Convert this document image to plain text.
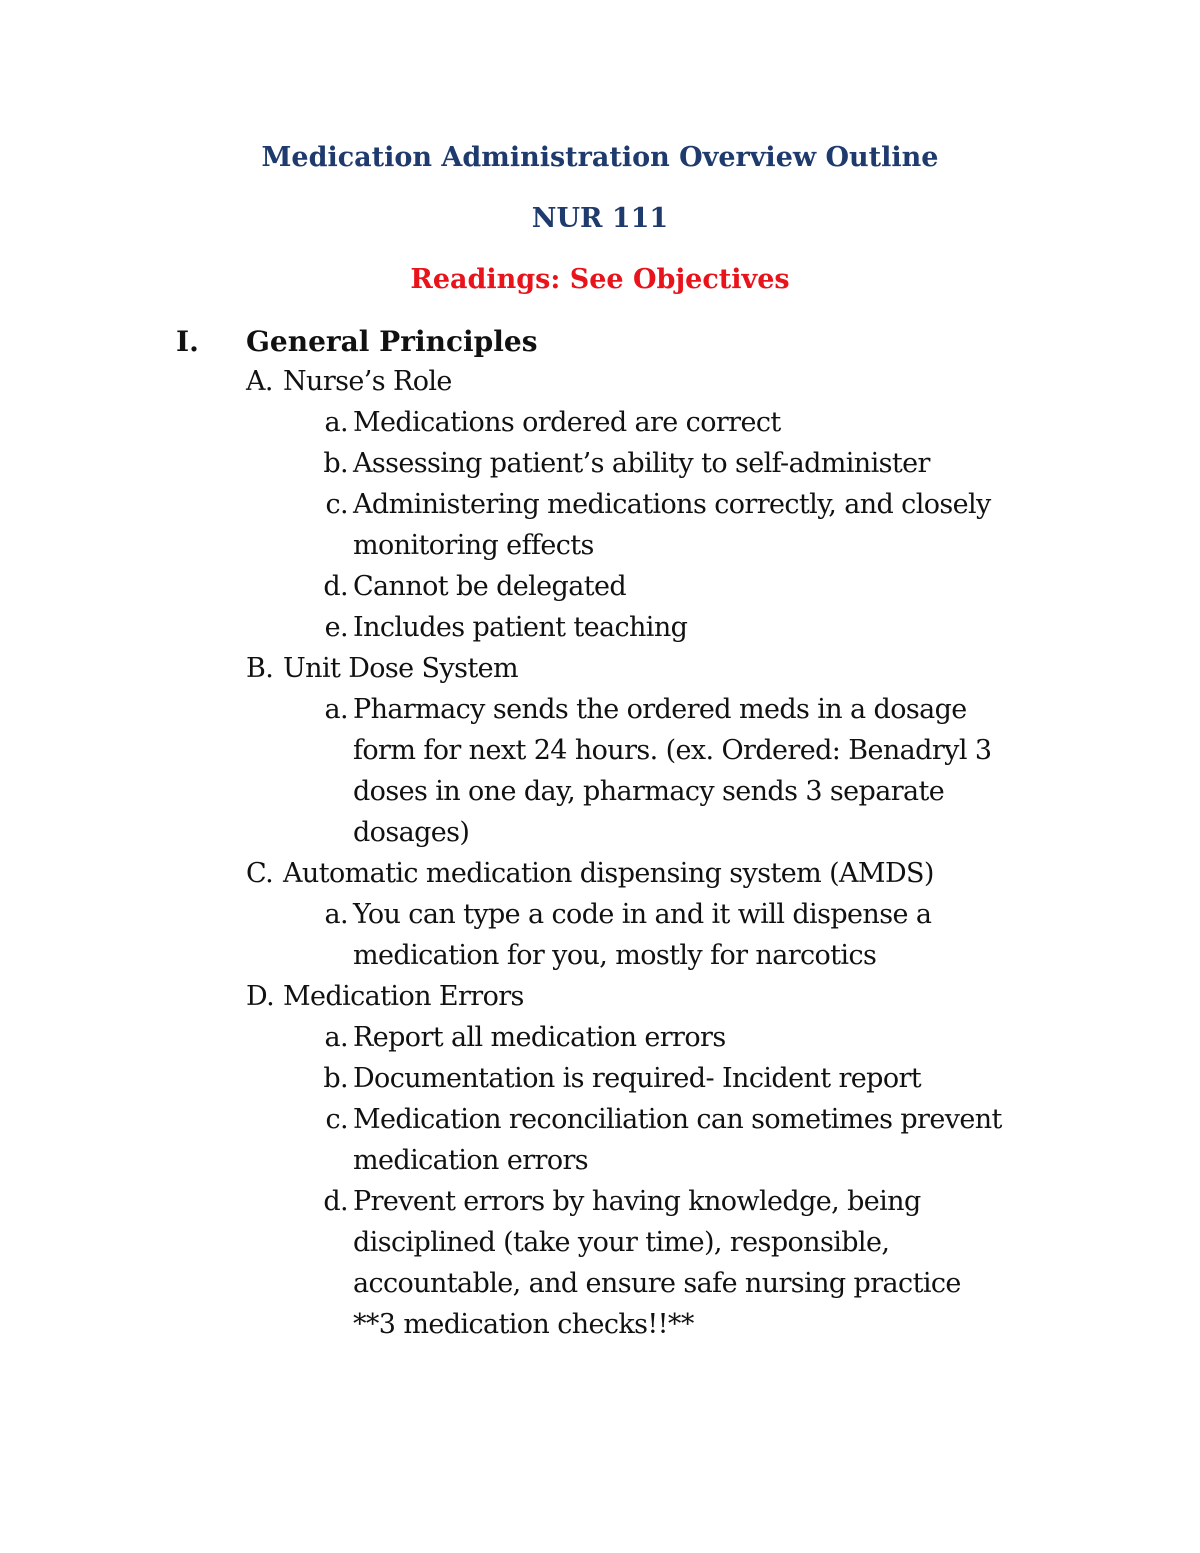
Medication Administration Overview Outline
NUR 111
Readings: See Objectives
I. General Principles
A. Nurse’s Role
a. Medications ordered are correct
b. Assessing patient’s ability to self-administer
c. Administering medications correctly, and closely
monitoring effects
d. Cannot be delegated
e. Includes patient teaching
B. Unit Dose System
a. Pharmacy sends the ordered meds in a dosage
form for next 24 hours. (ex. Ordered: Benadryl 3
doses in one day, pharmacy sends 3 separate
dosages)
C. Automatic medication dispensing system (AMDS)
a. You can type a code in and it will dispense a
medication for you, mostly for narcotics
D. Medication Errors
a. Report all medication errors
b. Documentation is required- Incident report
c. Medication reconciliation can sometimes prevent
medication errors
d. Prevent errors by having knowledge, being
disciplined (take your time), responsible,
accountable, and ensure safe nursing practice
**3 medication checks!!**
